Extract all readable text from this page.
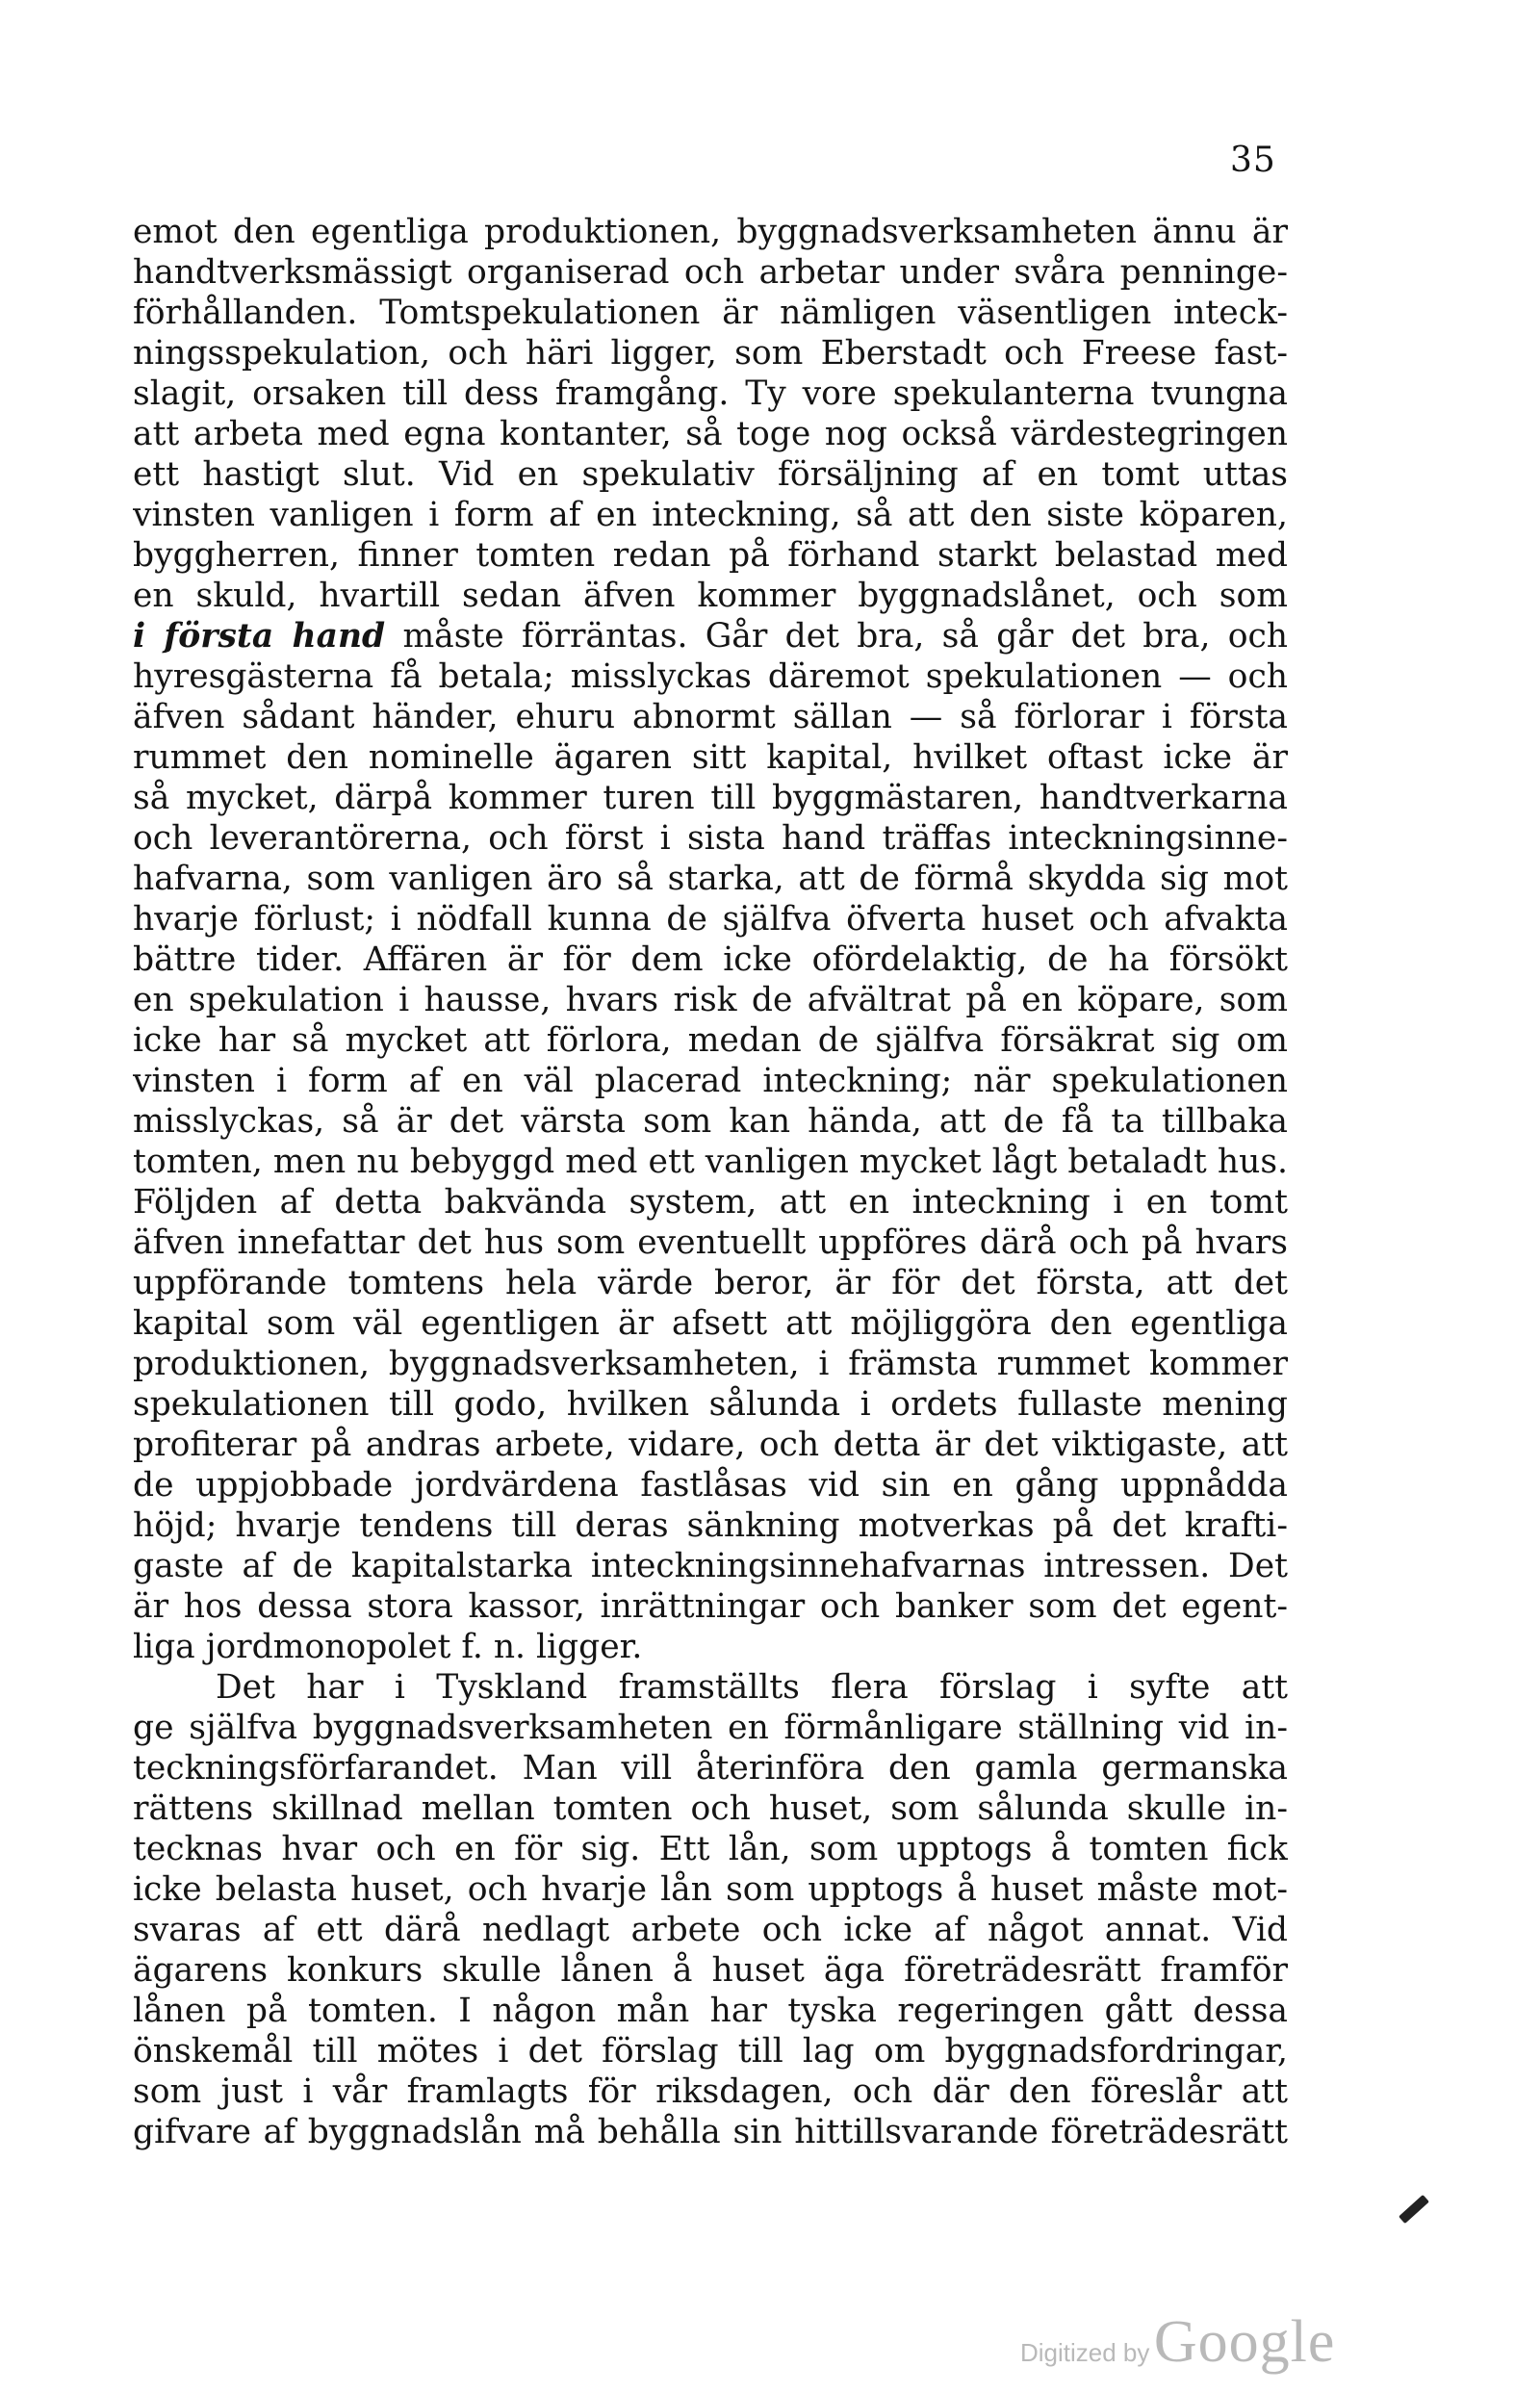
35
emot den egentliga produktionen, byggnadsverksamheten ännu är
handtverksmässigt organiserad och arbetar under svåra penninge-
förhållanden. Tomtspekulationen är nämligen väsentligen inteck-
ningsspekulation, och häri ligger, som Eberstadt och Freese fast-
slagit, orsaken till dess framgång. Ty vore spekulanterna tvungna
att arbeta med egna kontanter, så toge nog också värdestegringen
ett hastigt slut. Vid en spekulativ försäljning af en tomt uttas
vinsten vanligen i form af en inteckning, så att den siste köparen,
byggherren, finner tomten redan på förhand starkt belastad med
en skuld, hvartill sedan äfven kommer byggnadslånet, och som
i första hand måste förräntas. Går det bra, så går det bra, och
hyresgästerna få betala; misslyckas däremot spekulationen — och
äfven sådant händer, ehuru abnormt sällan — så förlorar i första
rummet den nominelle ägaren sitt kapital, hvilket oftast icke är
så mycket, därpå kommer turen till byggmästaren, handtverkarna
och leverantörerna, och först i sista hand träffas inteckningsinne-
hafvarna, som vanligen äro så starka, att de förmå skydda sig mot
hvarje förlust; i nödfall kunna de själfva öfverta huset och afvakta
bättre tider. Affären är för dem icke ofördelaktig, de ha försökt
en spekulation i hausse, hvars risk de afvältrat på en köpare, som
icke har så mycket att förlora, medan de själfva försäkrat sig om
vinsten i form af en väl placerad inteckning; när spekulationen
misslyckas, så är det värsta som kan hända, att de få ta tillbaka
tomten, men nu bebyggd med ett vanligen mycket lågt betaladt hus.
Följden af detta bakvända system, att en inteckning i en tomt
äfven innefattar det hus som eventuellt uppföres därå och på hvars
uppförande tomtens hela värde beror, är för det första, att det
kapital som väl egentligen är afsett att möjliggöra den egentliga
produktionen, byggnadsverksamheten, i främsta rummet kommer
spekulationen till godo, hvilken sålunda i ordets fullaste mening
profiterar på andras arbete, vidare, och detta är det viktigaste, att
de uppjobbade jordvärdena fastlåsas vid sin en gång uppnådda
höjd; hvarje tendens till deras sänkning motverkas på det krafti-
gaste af de kapitalstarka inteckningsinnehafvarnas intressen. Det
är hos dessa stora kassor, inrättningar och banker som det egent-
liga jordmonopolet f. n. ligger.
Det har i Tyskland framställts flera förslag i syfte att
ge själfva byggnadsverksamheten en förmånligare ställning vid in-
teckningsförfarandet. Man vill återinföra den gamla germanska
rättens skillnad mellan tomten och huset, som sålunda skulle in-
tecknas hvar och en för sig. Ett lån, som upptogs å tomten fick
icke belasta huset, och hvarje lån som upptogs å huset måste mot-
svaras af ett därå nedlagt arbete och icke af något annat. Vid
ägarens konkurs skulle lånen å huset äga företrädesrätt framför
lånen på tomten. I någon mån har tyska regeringen gått dessa
önskemål till mötes i det förslag till lag om byggnadsfordringar,
som just i vår framlagts för riksdagen, och där den föreslår att
gifvare af byggnadslån må behålla sin hittillsvarande företrädesrätt
Digitized by Google
